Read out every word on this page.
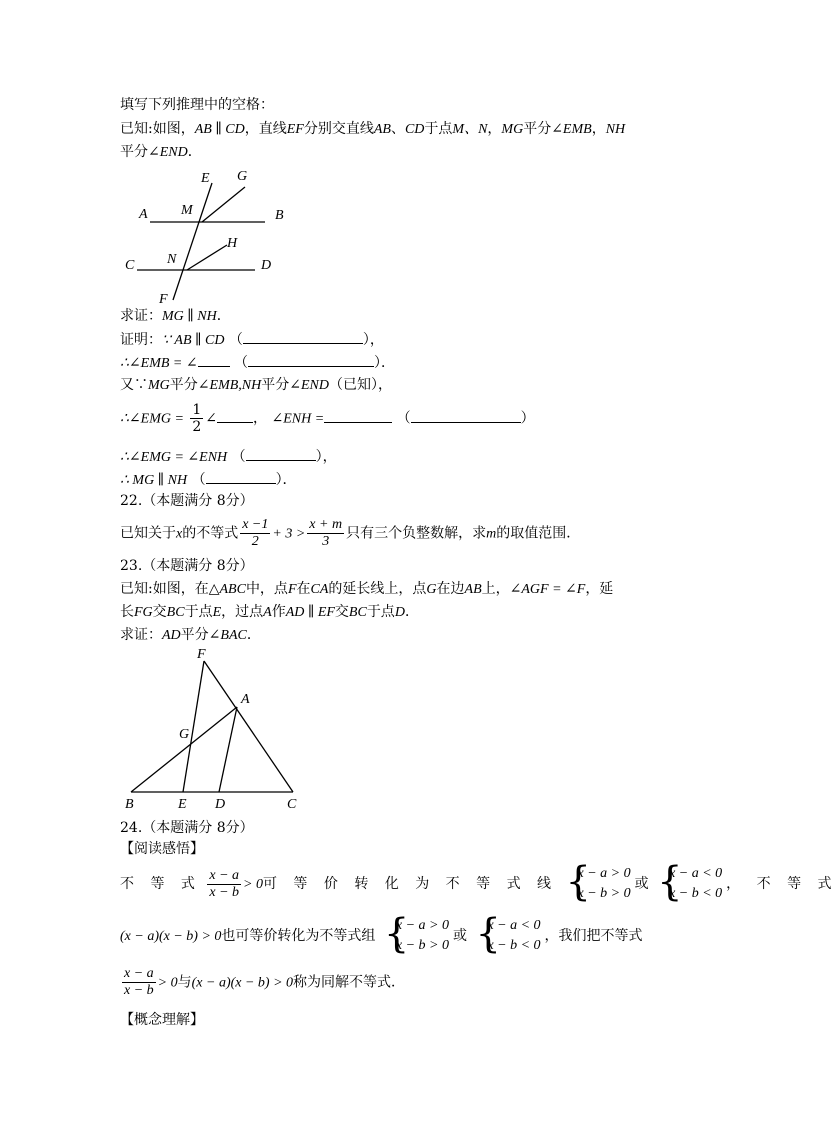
填写下列推理中的空格：
已知:如图，AB ∥ CD，直线EF分别交直线AB、CD于点M、N，MG平分∠EMB，NH
平分∠END．
E G
A M	B
H
C N	D
F
求证：MG ∥ NH．
证明：∵ AB ∥ CD （	），
∴∠EMB = ∠	（	）．
又∵MG平分∠EMB,NH平分∠END（已知），
∴∠EMG = $\frac{1}{2}$ ∠	， ∠ENH =	（	）
∴∠EMG = ∠ENH （	），
∴ MG ∥ NH （	）．
22.（本题满分 8分）
已知关于x的不等式 $\frac{x -1}{2} + 3 > \frac{x + m}{3}$ 只有三个负整数解，求m的取值范围．
23.（本题满分 8分）
已知:如图，在△ABC中，点F在CA的延长线上，点G在边AB上，∠AGF = ∠F，延
长FG交BC于点E，过点A作AD ∥ EF交BC于点D．
求证：AD平分∠BAC．
F
A
G
B	E D	C
24.（本题满分 8分）
【阅读感悟】
不 等 式 $\frac{x - a}{x - b} > 0$可 等 价 转 化 为 不 等 式 线 {
x − a > 0
x − b > 0
或 {
x − a < 0
x − b < 0
， 不 等 式
(x − a)(x − b) > 0也可等价转化为不等式组 {
x − a > 0
x − b > 0
或 {
x − a < 0
x − b < 0
，我们把不等式
$\frac{x - a}{x - b} > 0$与(x − a)(x − b) > 0称为同解不等式．
【概念理解】
